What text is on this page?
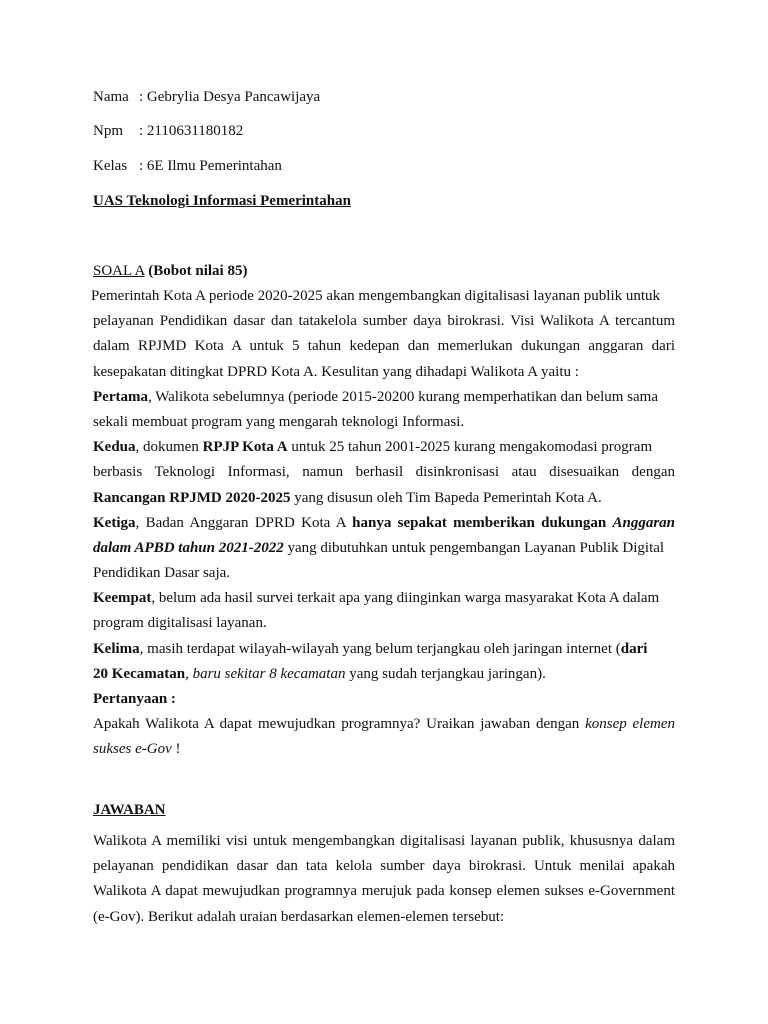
Nama : Gebrylia Desya Pancawijaya
Npm : 2110631180182
Kelas : 6E Ilmu Pemerintahan
UAS Teknologi Informasi Pemerintahan
SOAL A (Bobot nilai 85)
Pemerintah Kota A periode 2020-2025 akan mengembangkan digitalisasi layanan publik untuk
pelayanan Pendidikan dasar dan tatakelola sumber daya birokrasi. Visi Walikota A tercantum
dalam RPJMD Kota A untuk 5 tahun kedepan dan memerlukan dukungan anggaran dari
kesepakatan ditingkat DPRD Kota A. Kesulitan yang dihadapi Walikota A yaitu :
Pertama, Walikota sebelumnya (periode 2015-20200 kurang memperhatikan dan belum sama
sekali membuat program yang mengarah teknologi Informasi.
Kedua, dokumen RPJP Kota A untuk 25 tahun 2001-2025 kurang mengakomodasi program
berbasis Teknologi Informasi, namun berhasil disinkronisasi atau disesuaikan dengan
Rancangan RPJMD 2020-2025 yang disusun oleh Tim Bapeda Pemerintah Kota A.
Ketiga, Badan Anggaran DPRD Kota A hanya sepakat memberikan dukungan Anggaran
dalam APBD tahun 2021-2022 yang dibutuhkan untuk pengembangan Layanan Publik Digital
Pendidikan Dasar saja.
Keempat, belum ada hasil survei terkait apa yang diinginkan warga masyarakat Kota A dalam
program digitalisasi layanan.
Kelima, masih terdapat wilayah-wilayah yang belum terjangkau oleh jaringan internet (dari
20 Kecamatan, baru sekitar 8 kecamatan yang sudah terjangkau jaringan).
Pertanyaan :
Apakah Walikota A dapat mewujudkan programnya? Uraikan jawaban dengan konsep elemen
sukses e-Gov !
JAWABAN
Walikota A memiliki visi untuk mengembangkan digitalisasi layanan publik, khususnya dalam
pelayanan pendidikan dasar dan tata kelola sumber daya birokrasi. Untuk menilai apakah
Walikota A dapat mewujudkan programnya merujuk pada konsep elemen sukses e-Government
(e-Gov). Berikut adalah uraian berdasarkan elemen-elemen tersebut:
